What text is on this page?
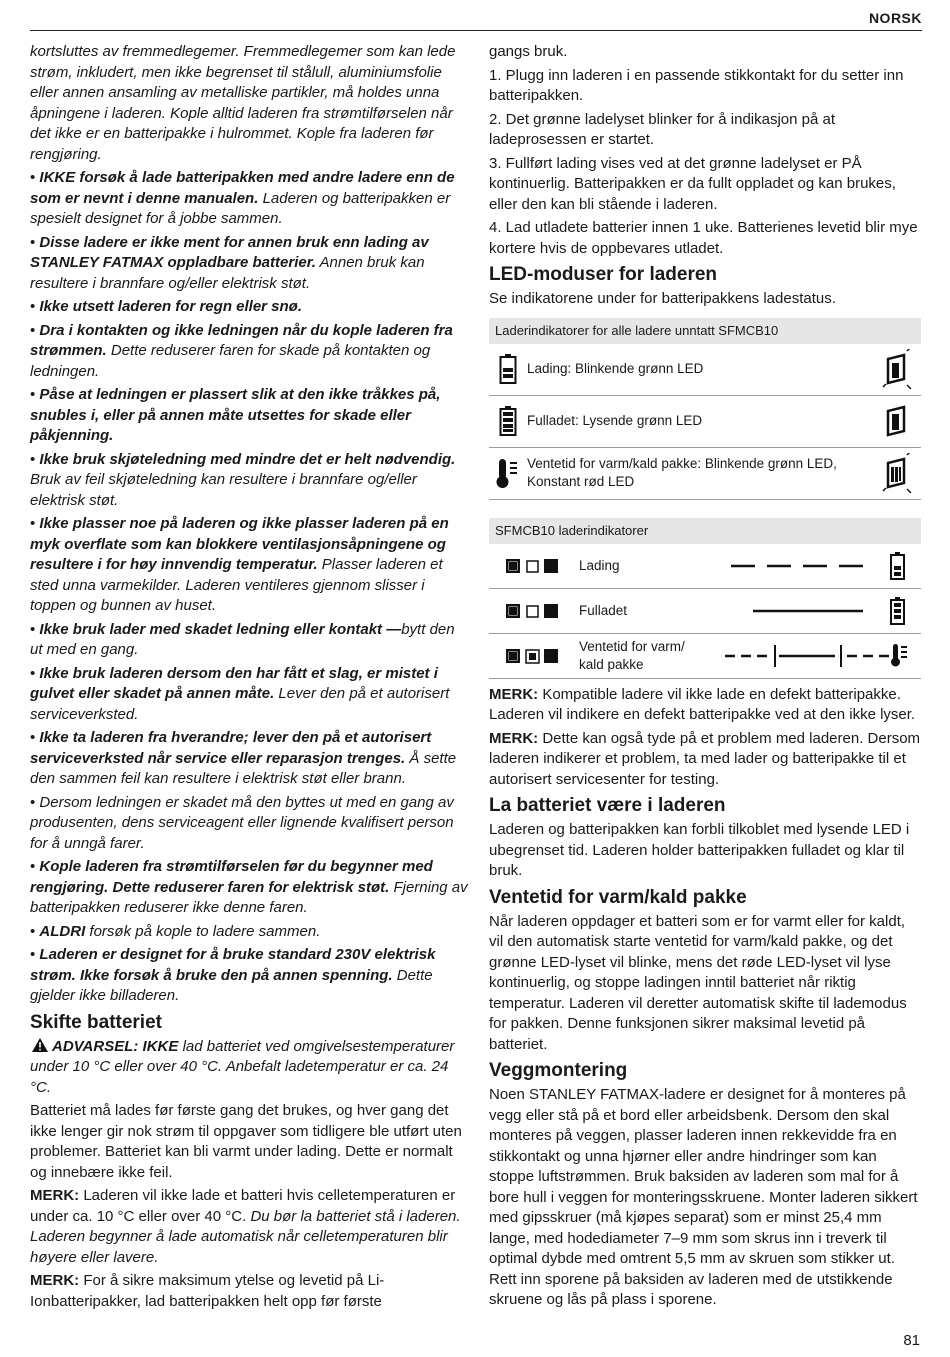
NORSK

kortsluttes av fremmedlegemer. Fremmedlegemer som kan lede strøm, inkludert, men ikke begrenset til stålull, aluminiumsfolie eller annen ansamling av metalliske partikler, må holdes unna åpningene i laderen. Kople alltid laderen fra strømtilførselen når det ikke er en batteripakke i hulrommet. Kople fra laderen før rengjøring.

• IKKE forsøk å lade batteripakken med andre ladere enn de som er nevnt i denne manualen. Laderen og batteripakken er spesielt designet for å jobbe sammen.

• Disse ladere er ikke ment for annen bruk enn lading av STANLEY FATMAX oppladbare batterier. Annen bruk kan resultere i brannfare og/eller elektrisk støt.

• Ikke utsett laderen for regn eller snø.

• Dra i kontakten og ikke ledningen når du kople laderen fra strømmen. Dette reduserer faren for skade på kontakten og ledningen.

• Påse at ledningen er plassert slik at den ikke tråkkes på, snubles i, eller på annen måte utsettes for skade eller påkjenning.

• Ikke bruk skjøteledning med mindre det er helt nødvendig. Bruk av feil skjøteledning kan resultere i brannfare og/eller elektrisk støt.

• Ikke plasser noe på laderen og ikke plasser laderen på en myk overflate som kan blokkere ventilasjonsåpningene og resultere i for høy innvendig temperatur. Plasser laderen et sted unna varmekilder. Laderen ventileres gjennom slisser i toppen og bunnen av huset.

• Ikke bruk lader med skadet ledning eller kontakt —bytt den ut med en gang.

• Ikke bruk laderen dersom den har fått et slag, er mistet i gulvet eller skadet på annen måte. Lever den på et autorisert serviceverksted.

• Ikke ta laderen fra hverandre; lever den på et autorisert serviceverksted når service eller reparasjon trenges. Å sette den sammen feil kan resultere i elektrisk støt eller brann.

• Dersom ledningen er skadet må den byttes ut med en gang av produsenten, dens serviceagent eller lignende kvalifisert person for å unngå farer.

• Kople laderen fra strømtilførselen før du begynner med rengjøring. Dette reduserer faren for elektrisk støt. Fjerning av batteripakken reduserer ikke denne faren.

• ALDRI forsøk på kople to ladere sammen.

• Laderen er designet for å bruke standard 230V elektrisk strøm. Ikke forsøk å bruke den på annen spenning. Dette gjelder ikke billaderen.

Skifte batteriet

ADVARSEL: IKKE lad batteriet ved omgivelsestemperaturer under 10 °C eller over 40 °C. Anbefalt ladetemperatur er ca. 24 °C.

Batteriet må lades før første gang det brukes, og hver gang det ikke lenger gir nok strøm til oppgaver som tidligere ble utført uten problemer. Batteriet kan bli varmt under lading. Dette er normalt og innebære ikke feil.

MERK: Laderen vil ikke lade et batteri hvis celletemperaturen er under ca. 10 °C eller over 40 °C. Du bør la batteriet stå i laderen. Laderen begynner å lade automatisk når celletemperaturen blir høyere eller lavere.

MERK: For å sikre maksimum ytelse og levetid på Li-Ionbatteripakker, lad batteripakken helt opp før første

gangs bruk.

1. Plugg inn laderen i en passende stikkontakt for du setter inn batteripakken.

2. Det grønne ladelyset blinker for å indikasjon på at ladeprosessen er startet.

3. Fullført lading vises ved at det grønne ladelyset er PÅ kontinuerlig. Batteripakken er da fullt oppladet og kan brukes, eller den kan bli stående i laderen.

4. Lad utladete batterier innen 1 uke. Batterienes levetid blir mye kortere hvis de oppbevares utladet.

LED-moduser for laderen

Se indikatorene under for batteripakkens ladestatus.

Laderindikatorer for alle ladere unntatt SFMCB10
Lading: Blinkende grønn LED
Fulladet: Lysende grønn LED
Ventetid for varm/kald pakke: Blinkende grønn LED, Konstant rød LED
SFMCB10 laderindikatorer
Lading
Fulladet
Ventetid for varm/ kald pakke

MERK: Kompatible ladere vil ikke lade en defekt batteripakke. Laderen vil indikere en defekt batteripakke ved at den ikke lyser.

MERK: Dette kan også tyde på et problem med laderen. Dersom laderen indikerer et problem, ta med lader og batteripakke til et autorisert servicesenter for testing.

La batteriet være i laderen

Laderen og batteripakken kan forbli tilkoblet med lysende LED i ubegrenset tid. Laderen holder batteripakken fulladet og klar til bruk.

Ventetid for varm/kald pakke

Når laderen oppdager et batteri som er for varmt eller for kaldt, vil den automatisk starte ventetid for varm/kald pakke, og det grønne LED-lyset vil blinke, mens det røde LED-lyset vil lyse kontinuerlig, og stoppe ladingen inntil batteriet når riktig temperatur. Laderen vil deretter automatisk skifte til lademodus for pakken. Denne funksjonen sikrer maksimal levetid på batteriet.

Veggmontering

Noen STANLEY FATMAX-ladere er designet for å monteres på vegg eller stå på et bord eller arbeidsbenk. Dersom den skal monteres på veggen, plasser laderen innen rekkevidde fra en stikkontakt og unna hjørner eller andre hindringer som kan stoppe luftstrømmen. Bruk baksiden av laderen som mal for å bore hull i veggen for monteringsskruene. Monter laderen sikkert med gipsskruer (må kjøpes separat) som er minst 25,4 mm lange, med hodediameter 7–9 mm som skrus inn i treverk til optimal dybde med omtrent 5,5 mm av skruen som stikker ut. Rett inn sporene på baksiden av laderen med de utstikkende skruene og lås på plass i sporene.

81
